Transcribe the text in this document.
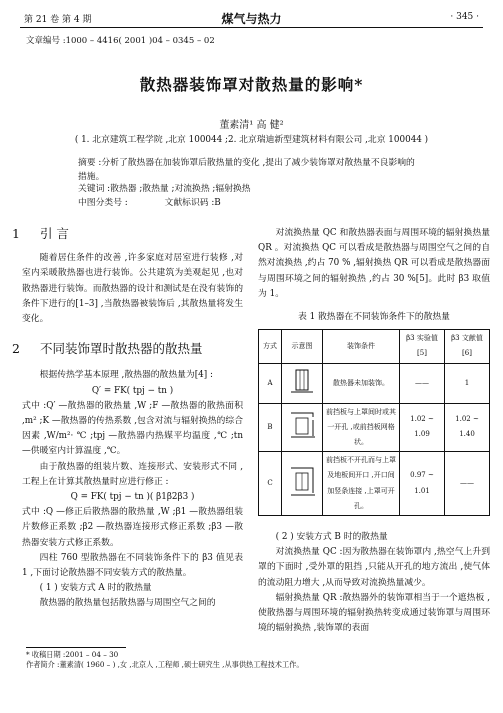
第 21 卷 第 4 期	煤气与热力	· 345 ·
文章编号 :1000 – 4416( 2001 )04 – 0345 – 02
散热器装饰罩对散热量的影响*
董素清¹ 高 健²
( 1. 北京建筑工程学院 ,北京 100044 ;2. 北京瑞迪新型建筑材料有限公司 ,北京 100044 )
摘要 :分析了散热器在加装饰罩后散热量的变化 ,提出了减少装饰罩对散热量不良影响的措施。
关键词 :散热器 ;散热量 ;对流换热 ;辐射换热
中图分类号 :	文献标识码 :B
1 引 言

随着居住条件的改善 ,许多家庭对居室进行装修 ,对室内采暖散热器也进行装饰。公共建筑为美观起见 ,也对散热器进行装饰。而散热器的设计和测试是在没有装饰的条件下进行的[1–3] ,当散热器被装饰后 ,其散热量将发生变化。

2 不同装饰罩时散热器的散热量

根据传热学基本原理 ,散热器的散热量为[4] :

Q′ = FK( tpj − tn )

式中 :Q′ —散热器的散热量 ,W ;F —散热器的散热面积 ,m² ;K —散热器的传热系数 ,包含对流与辐射换热的综合因素 ,W/m²· ℃ ;tpj —散热器内热媒平均温度 ,℃ ;tn —供暖室内计算温度 ,℃。

由于散热器的组装片数、连接形式、安装形式不同 ,工程上在计算其散热量时应进行修正 :

Q = FK( tpj − tn )( β1β2β3 )

式中 :Q —修正后散热器的散热量 ,W ;β1 —散热器组装片数修正系数 ;β2 —散热器连接形式修正系数 ;β3 —散热器安装方式修正系数。

四柱 760 型散热器在不同装饰条件下的 β3 值见表 1 ,下面讨论散热器不同安装方式的散热量。

( 1 ) 安装方式 A 时的散热量

散热器的散热量包括散热器与周围空气之间的

对流换热量 QC 和散热器表面与周围环境的辐射换热量 QR 。对流换热 QC 可以看成是散热器与周围空气之间的自然对流换热 ,约占 70 % ,辐射换热 QR 可以看成是散热器面与周围环境之间的辐射换热 ,约占 30 %[5]。此时 β3 取值为 1。

表 1 散热器在不同装饰条件下的散热量
方式	示意图	装饰条件	β3 实验值[5]	β3 文献值[6]
A		散热器未加装饰。	——	1
B		前挡板与上罩间时或其一开孔 ,或前挡板网格状。	1.02 ~ 1.09	1.02 ~ 1.40
C		前挡板不开孔而与上罩及地板间开口 ,开口间加竖条连接 ,上罩可开孔。	0.97 ~ 1.01	——

( 2 ) 安装方式 B 时的散热量

对流换热量 QC :因为散热器在装饰罩内 ,热空气上升到罩的下面时 ,受外罩的阻挡 ,只能从开孔的地方流出 ,使气体的流动阻力增大 ,从而导致对流换热量减少。

辐射换热量 QR :散热器外的装饰罩相当于一个遮热板 ,使散热器与周围环境的辐射换热转变成通过装饰罩与周围环境的辐射换热 ,装饰罩的表面

* 收稿日期 :2001 – 04 – 30
作者简介 :董素清( 1960 – ) ,女 ,北京人 ,工程师 ,硕士研究生 ,从事供热工程技术工作。
